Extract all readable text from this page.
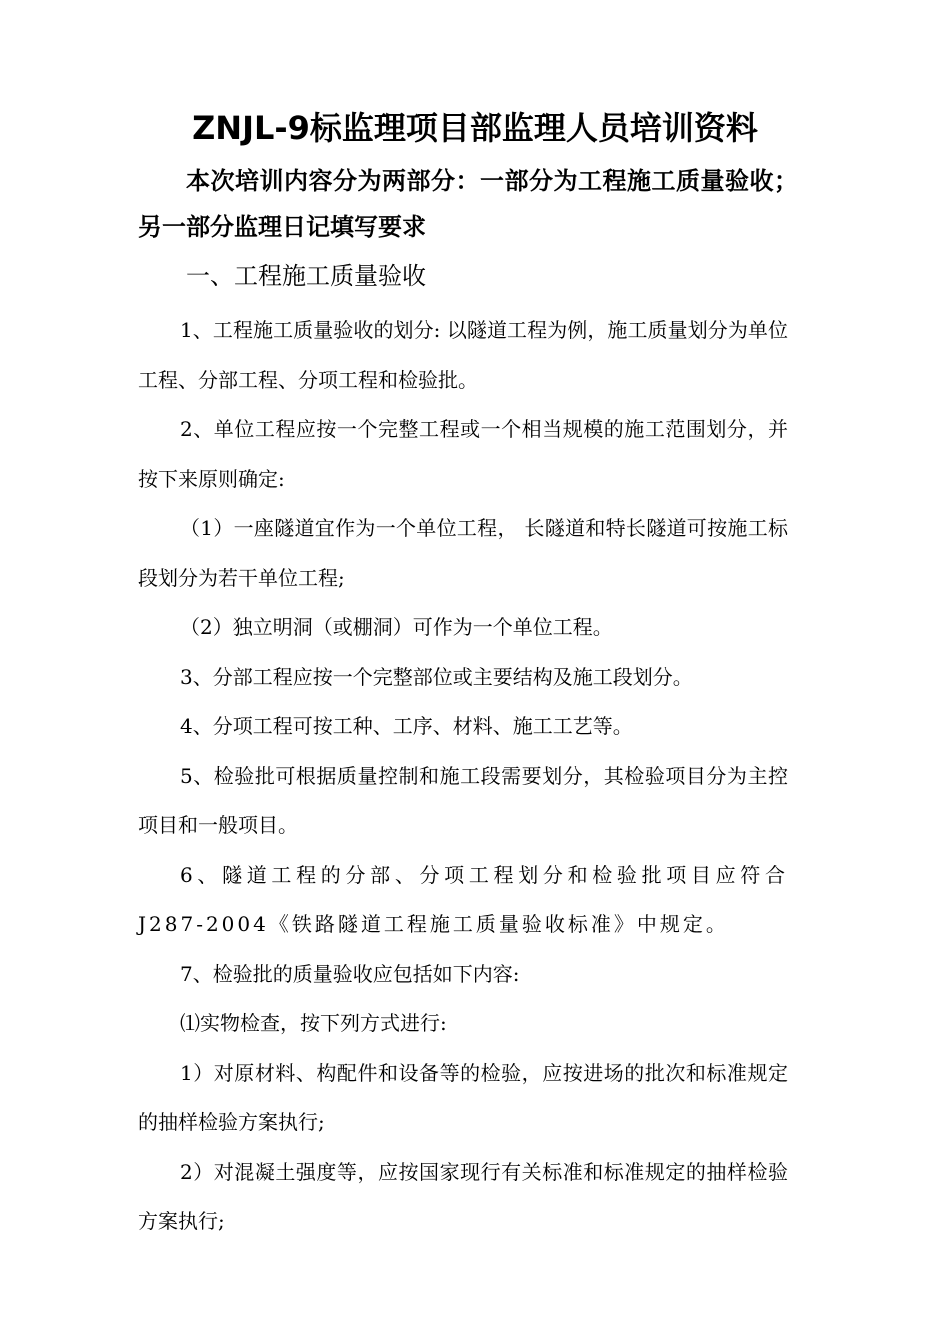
ZNJL-9标监理项目部监理人员培训资料
本次培训内容分为两部分：一部分为工程施工质量验收；另一部分监理日记填写要求
一、工程施工质量验收

1、工程施工质量验收的划分: 以隧道工程为例，施工质量划分为单位工程、分部工程、分项工程和检验批。

2、单位工程应按一个完整工程或一个相当规模的施工范围划分，并按下来原则确定:

（1）一座隧道宜作为一个单位工程， 长隧道和特长隧道可按施工标段划分为若干单位工程;

（2）独立明洞（或棚洞）可作为一个单位工程。

3、分部工程应按一个完整部位或主要结构及施工段划分。

4、分项工程可按工种、工序、材料、施工工艺等。

5、检验批可根据质量控制和施工段需要划分，其检验项目分为主控项目和一般项目。

6、隧道工程的分部、分项工程划分和检验批项目应符合J287-2004《铁路隧道工程施工质量验收标准》中规定。

7、检验批的质量验收应包括如下内容:

⑴实物检查，按下列方式进行:

1）对原材料、构配件和设备等的检验，应按进场的批次和标准规定的抽样检验方案执行;

2）对混凝土强度等，应按国家现行有关标准和标准规定的抽样检验方案执行;
